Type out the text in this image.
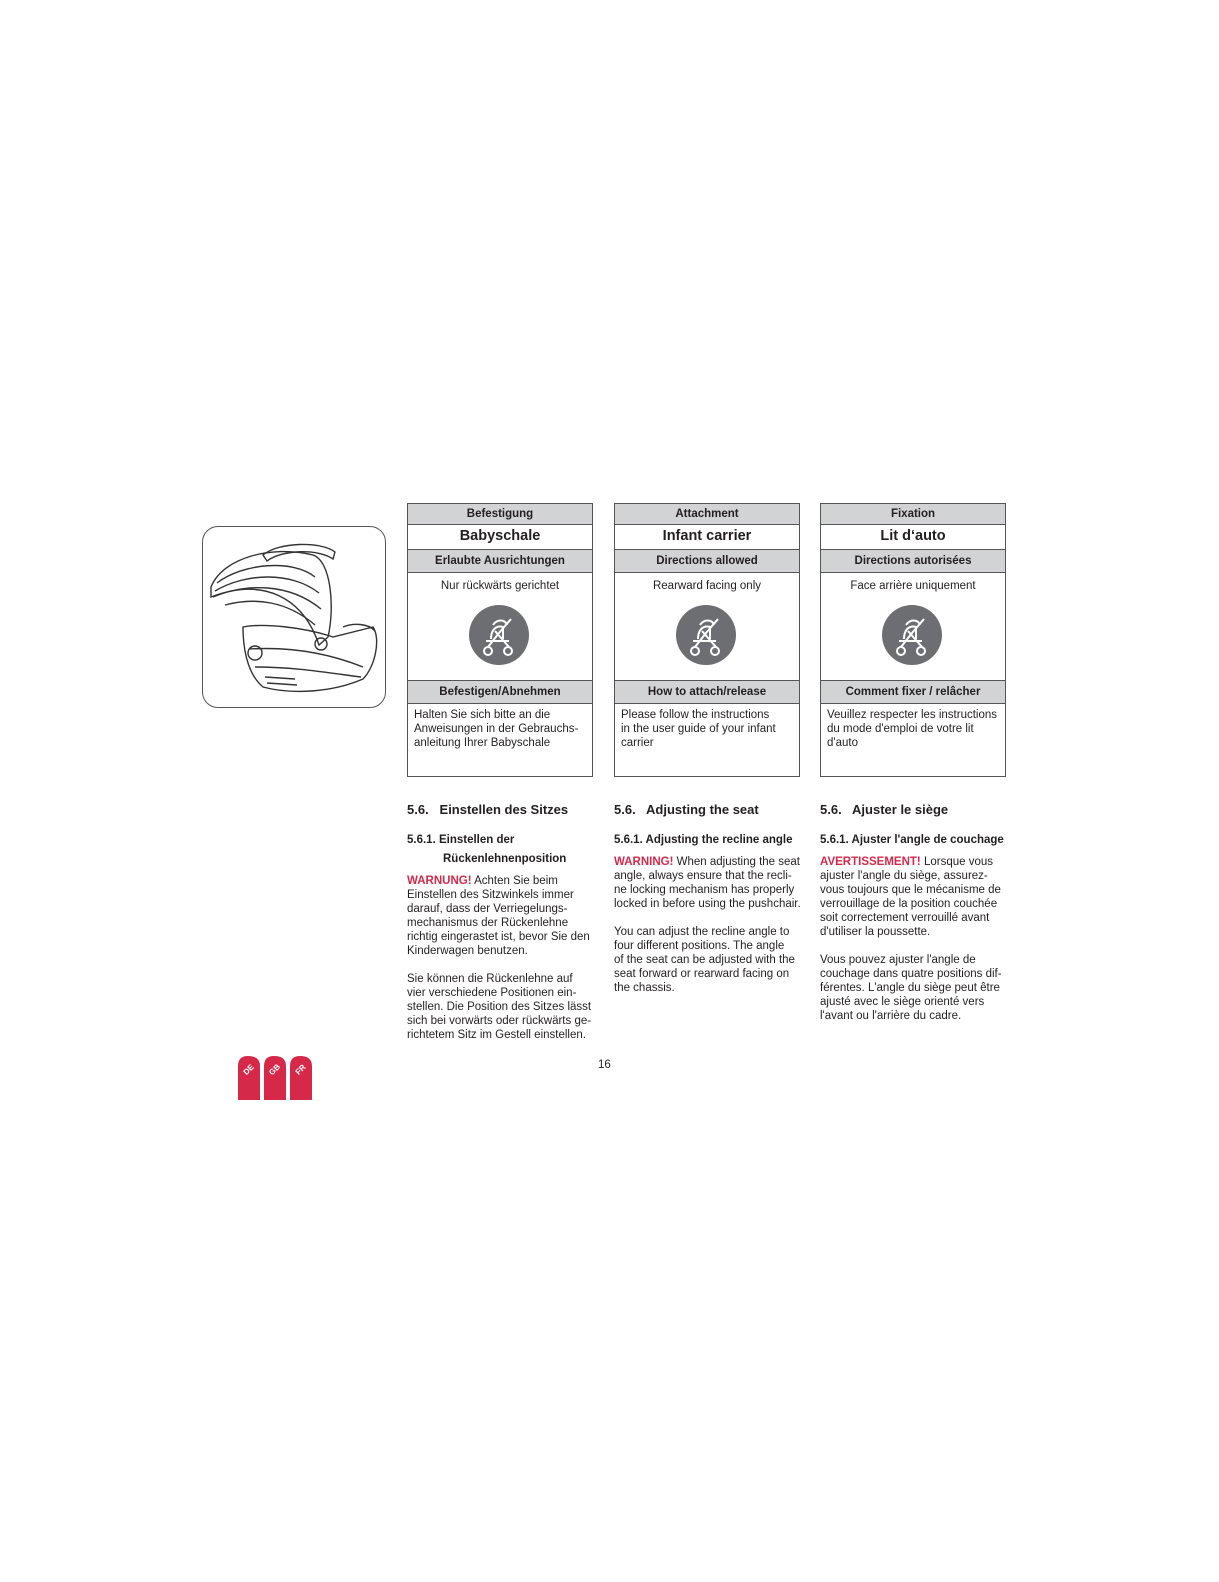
Befestigung
Babyschale
Erlaubte Ausrichtungen
Nur rückwärts gerichtet
Befestigen/Abnehmen
Halten Sie sich bitte an die
Anweisungen in der Gebrauchs-
anleitung Ihrer Babyschale
Attachment
Infant carrier
Directions allowed
Rearward facing only
How to attach/release
Please follow the instructions
in the user guide of your infant
carrier
Fixation
Lit d‘auto
Directions autorisées
Face arrière uniquement
Comment fixer / relâcher
Veuillez respecter les instructions
du mode d'emploi de votre lit
d'auto
5.6.   Einstellen des Sitzes
5.6.1. Einstellen der
Rückenlehnenposition
WARNUNG! Achten Sie beim
Einstellen des Sitzwinkels immer
darauf, dass der Verriegelungs-
mechanismus der Rückenlehne
richtig eingerastet ist, bevor Sie den
Kinderwagen benutzen.
Sie können die Rückenlehne auf
vier verschiedene Positionen ein-
stellen. Die Position des Sitzes lässt
sich bei vorwärts oder rückwärts ge-
richtetem Sitz im Gestell einstellen.
5.6.   Adjusting the seat
5.6.1. Adjusting the recline angle
WARNING! When adjusting the seat
angle, always ensure that the recli-
ne locking mechanism has properly
locked in before using the pushchair.
You can adjust the recline angle to
four different positions. The angle
of the seat can be adjusted with the
seat forward or rearward facing on
the chassis.
5.6.   Ajuster le siège
5.6.1. Ajuster l'angle de couchage
AVERTISSEMENT! Lorsque vous
ajuster l'angle du siège, assurez-
vous toujours que le mécanisme de
verrouillage de la position couchée
soit correctement verrouillé avant
d'utiliser la poussette.
Vous pouvez ajuster l'angle de
couchage dans quatre positions dif-
férentes. L'angle du siège peut être
ajusté avec le siège orienté vers
l'avant ou l'arrière du cadre.
16
DE GB FR
